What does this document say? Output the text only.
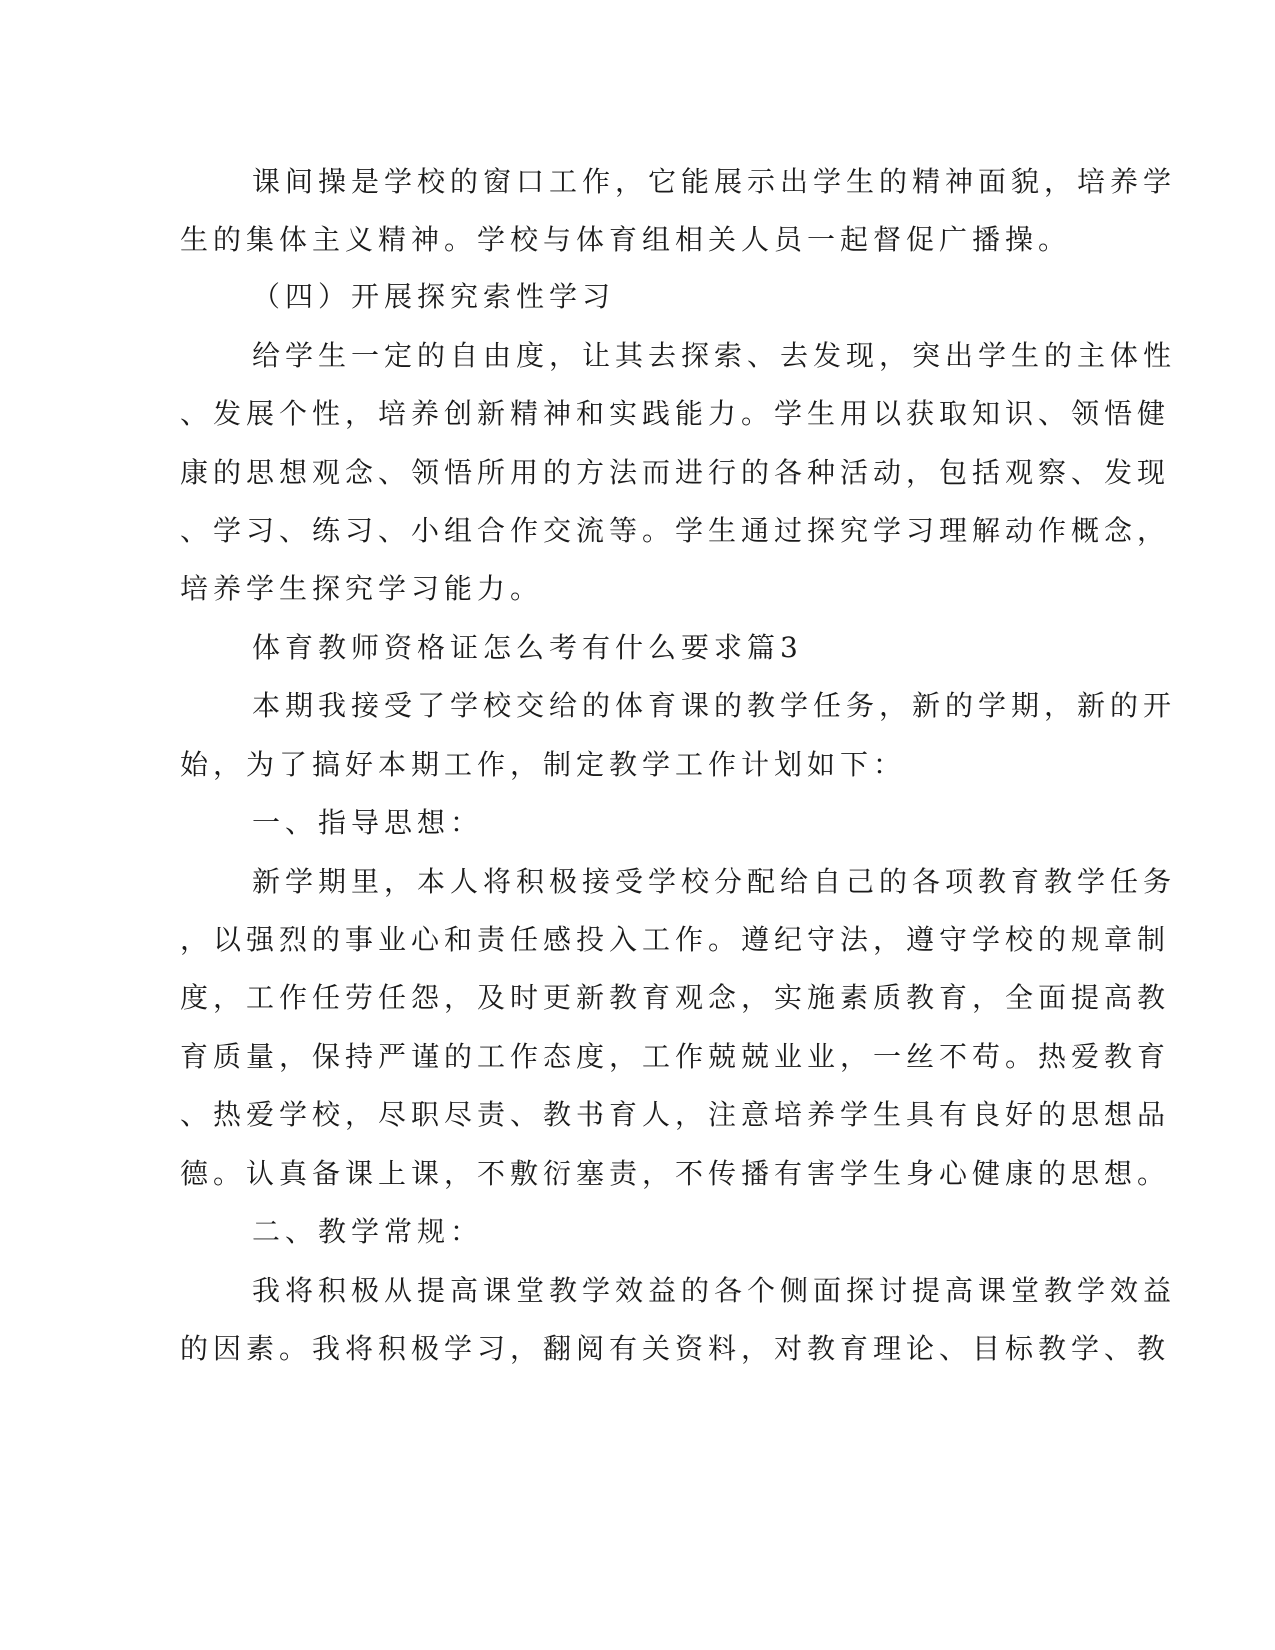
课间操是学校的窗口工作，它能展示出学生的精神面貌，培养学
生的集体主义精神。学校与体育组相关人员一起督促广播操。
（四）开展探究索性学习
给学生一定的自由度，让其去探索、去发现，突出学生的主体性
、发展个性，培养创新精神和实践能力。学生用以获取知识、领悟健
康的思想观念、领悟所用的方法而进行的各种活动，包括观察、发现
、学习、练习、小组合作交流等。学生通过探究学习理解动作概念，
培养学生探究学习能力。
体育教师资格证怎么考有什么要求篇3
本期我接受了学校交给的体育课的教学任务，新的学期，新的开
始，为了搞好本期工作，制定教学工作计划如下：
一、指导思想：
新学期里，本人将积极接受学校分配给自己的各项教育教学任务
，以强烈的事业心和责任感投入工作。遵纪守法，遵守学校的规章制
度，工作任劳任怨，及时更新教育观念，实施素质教育，全面提高教
育质量，保持严谨的工作态度，工作兢兢业业，一丝不苟。热爱教育
、热爱学校，尽职尽责、教书育人，注意培养学生具有良好的思想品
德。认真备课上课，不敷衍塞责，不传播有害学生身心健康的思想。
二、教学常规：
我将积极从提高课堂教学效益的各个侧面探讨提高课堂教学效益
的因素。我将积极学习，翻阅有关资料，对教育理论、目标教学、教
